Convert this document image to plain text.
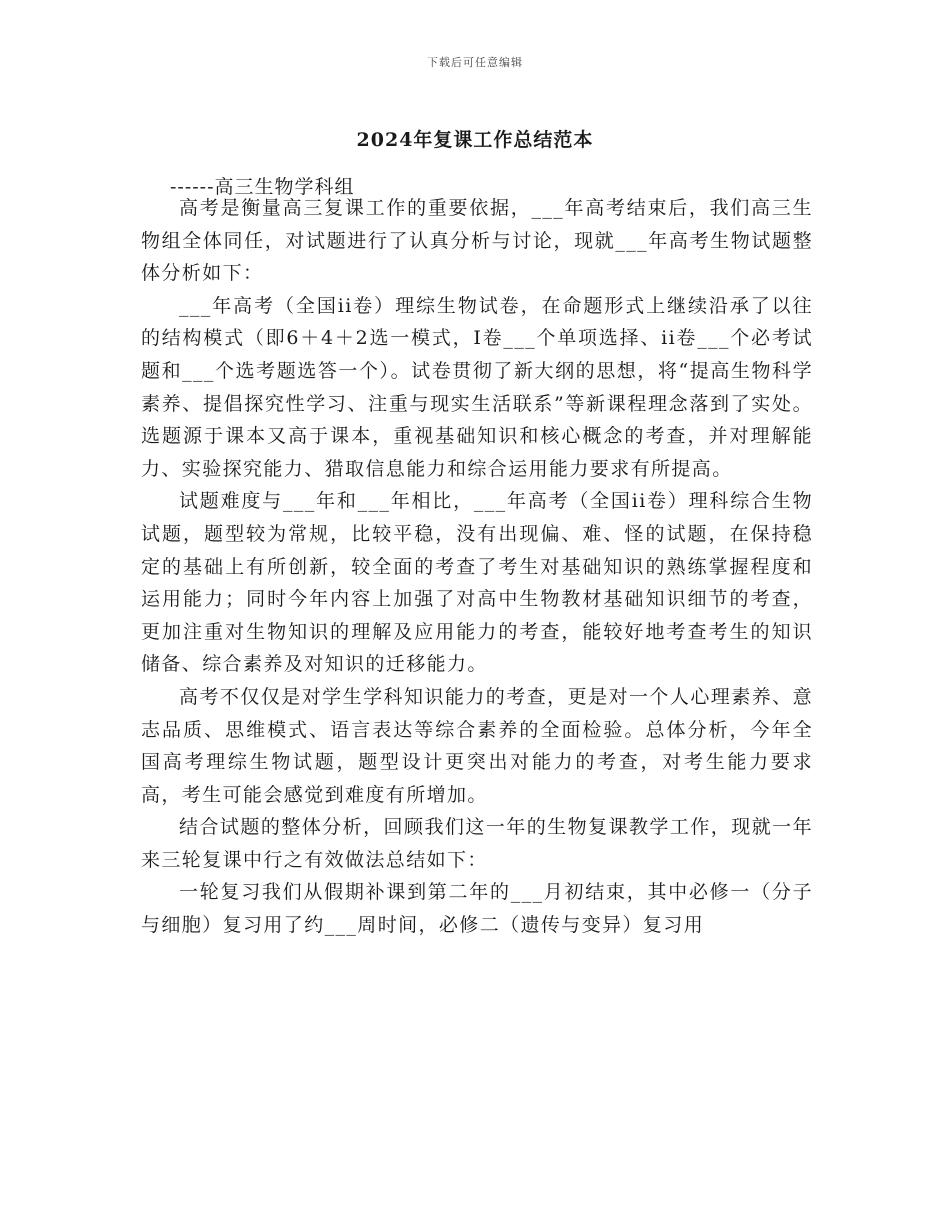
下载后可任意编辑
2024年复课工作总结范本
------高三生物学科组

高考是衡量高三复课工作的重要依据，___年高考结束后，我们高三生物组全体同任，对试题进行了认真分析与讨论，现就___年高考生物试题整体分析如下：

___年高考（全国ii卷）理综生物试卷，在命题形式上继续沿承了以往的结构模式（即6＋4＋2选一模式，Ⅰ卷___个单项选择、ii卷___个必考试题和___个选考题选答一个）。试卷贯彻了新大纲的思想，将“提高生物科学素养、提倡探究性学习、注重与现实生活联系”等新课程理念落到了实处。选题源于课本又高于课本，重视基础知识和核心概念的考查，并对理解能力、实验探究能力、猎取信息能力和综合运用能力要求有所提高。

试题难度与___年和___年相比，___年高考（全国ii卷）理科综合生物试题，题型较为常规，比较平稳，没有出现偏、难、怪的试题，在保持稳定的基础上有所创新，较全面的考查了考生对基础知识的熟练掌握程度和运用能力；同时今年内容上加强了对高中生物教材基础知识细节的考查，更加注重对生物知识的理解及应用能力的考查，能较好地考查考生的知识储备、综合素养及对知识的迁移能力。

高考不仅仅是对学生学科知识能力的考查，更是对一个人心理素养、意志品质、思维模式、语言表达等综合素养的全面检验。总体分析，今年全国高考理综生物试题，题型设计更突出对能力的考查，对考生能力要求高，考生可能会感觉到难度有所增加。

结合试题的整体分析，回顾我们这一年的生物复课教学工作，现就一年来三轮复课中行之有效做法总结如下：

一轮复习我们从假期补课到第二年的___月初结束，其中必修一（分子与细胞）复习用了约___周时间，必修二（遗传与变异）复习用
